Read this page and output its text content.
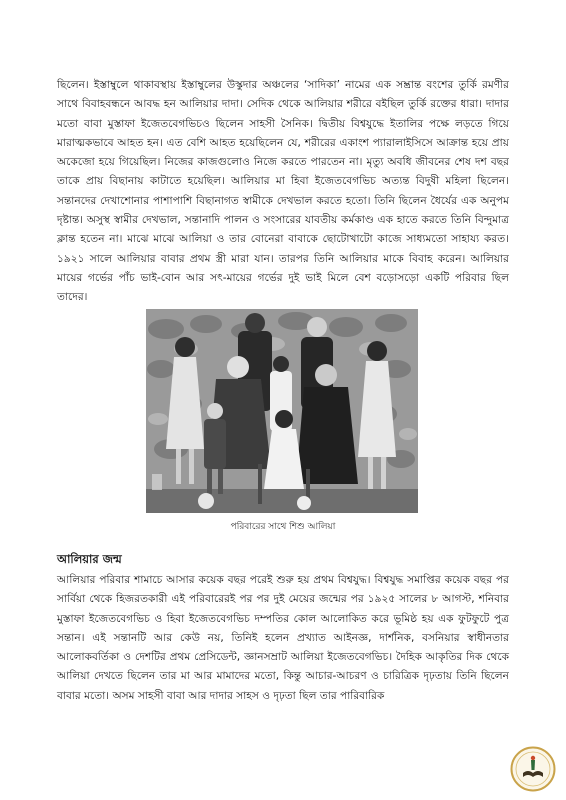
ছিলেন। ইস্তাম্বুলে থাকাবস্থায় ইস্তাম্বুলের উস্কুদার অঞ্চলের ‘সাদিকা’ নামের এক সম্ভ্রান্ত বংশের তুর্কি রমণীর সাথে বিবাহবন্ধনে আবদ্ধ হন আলিয়ার দাদা। সেদিক থেকে আলিয়ার শরীরে বইছিল তুর্কি রক্তের ধারা। দাদার মতো বাবা মুস্তাফা ইজেতবেগভিচও ছিলেন সাহসী সৈনিক। দ্বিতীয় বিশ্বযুদ্ধে ইতালির পক্ষে লড়তে গিয়ে মারাত্মকভাবে আহত হন। এত বেশি আহত হয়েছিলেন যে, শরীরের একাংশ প্যারালাইসিসে আক্রান্ত হয়ে প্রায় অকেজো হয়ে গিয়েছিল। নিজের কাজগুলোও নিজে করতে পারতেন না। মৃত্যু অবধি জীবনের শেষ দশ বছর তাকে প্রায় বিছানায় কাটাতে হয়েছিল। আলিয়ার মা হিবা ইজেতবেগভিচ অত্যন্ত বিদুষী মহিলা ছিলেন। সন্তানদের দেখাশোনার পাশাপাশি বিছানাগত স্বামীকে দেখভাল করতে হতো। তিনি ছিলেন ধৈর্যের এক অনুপম দৃষ্টান্ত। অসুস্থ স্বামীর দেখভাল, সন্তানাদি পালন ও সংসারের যাবতীয় কর্মকাণ্ড এক হাতে করতে তিনি বিন্দুমাত্র ক্লান্ত হতেন না। মাঝে মাঝে আলিয়া ও তার বোনেরা বাবাকে ছোটোখাটো কাজে সাধ্যমতো সাহায্য করত। ১৯২১ সালে আলিয়ার বাবার প্রথম স্ত্রী মারা যান। তারপর তিনি আলিয়ার মাকে বিবাহ করেন। আলিয়ার মায়ের গর্ভের পাঁচ ভাই-বোন আর সৎ-মায়ের গর্ভের দুই ভাই মিলে বেশ বড়োসড়ো একটি পরিবার ছিল তাদের।

পরিবারের সাথে শিশু আলিয়া
আলিয়ার জন্ম

আলিয়ার পরিবার শামাচে আসার কয়েক বছর পরেই শুরু হয় প্রথম বিশ্বযুদ্ধ। বিশ্বযুদ্ধ সমাপ্তির কয়েক বছর পর সার্বিয়া থেকে হিজরতকারী এই পরিবারেরই পর পর দুই মেয়ের জন্মের পর ১৯২৫ সালের ৮ আগস্ট, শনিবার মুস্তাফা ইজেতবেগভিচ ও হিবা ইজেতবেগভিচ দম্পতির কোল আলোকিত করে ভূমিষ্ঠ হয় এক ফুটফুটে পুত্র সন্তান। এই সন্তানটি আর কেউ নয়, তিনিই হলেন প্রখ্যাত আইনজ্ঞ, দার্শনিক, বসনিয়ার স্বাধীনতার আলোকবর্তিকা ও দেশটির প্রথম প্রেসিডেন্ট, জ্ঞানসম্রাট আলিয়া ইজেতবেগভিচ। দৈহিক আকৃতির দিক থেকে আলিয়া দেখতে ছিলেন তার মা আর মামাদের মতো, কিন্তু আচার-আচরণ ও চারিত্রিক দৃঢ়তায় তিনি ছিলেন বাবার মতো। অসম সাহসী বাবা আর দাদার সাহস ও দৃঢ়তা ছিল তার পারিবারিক
